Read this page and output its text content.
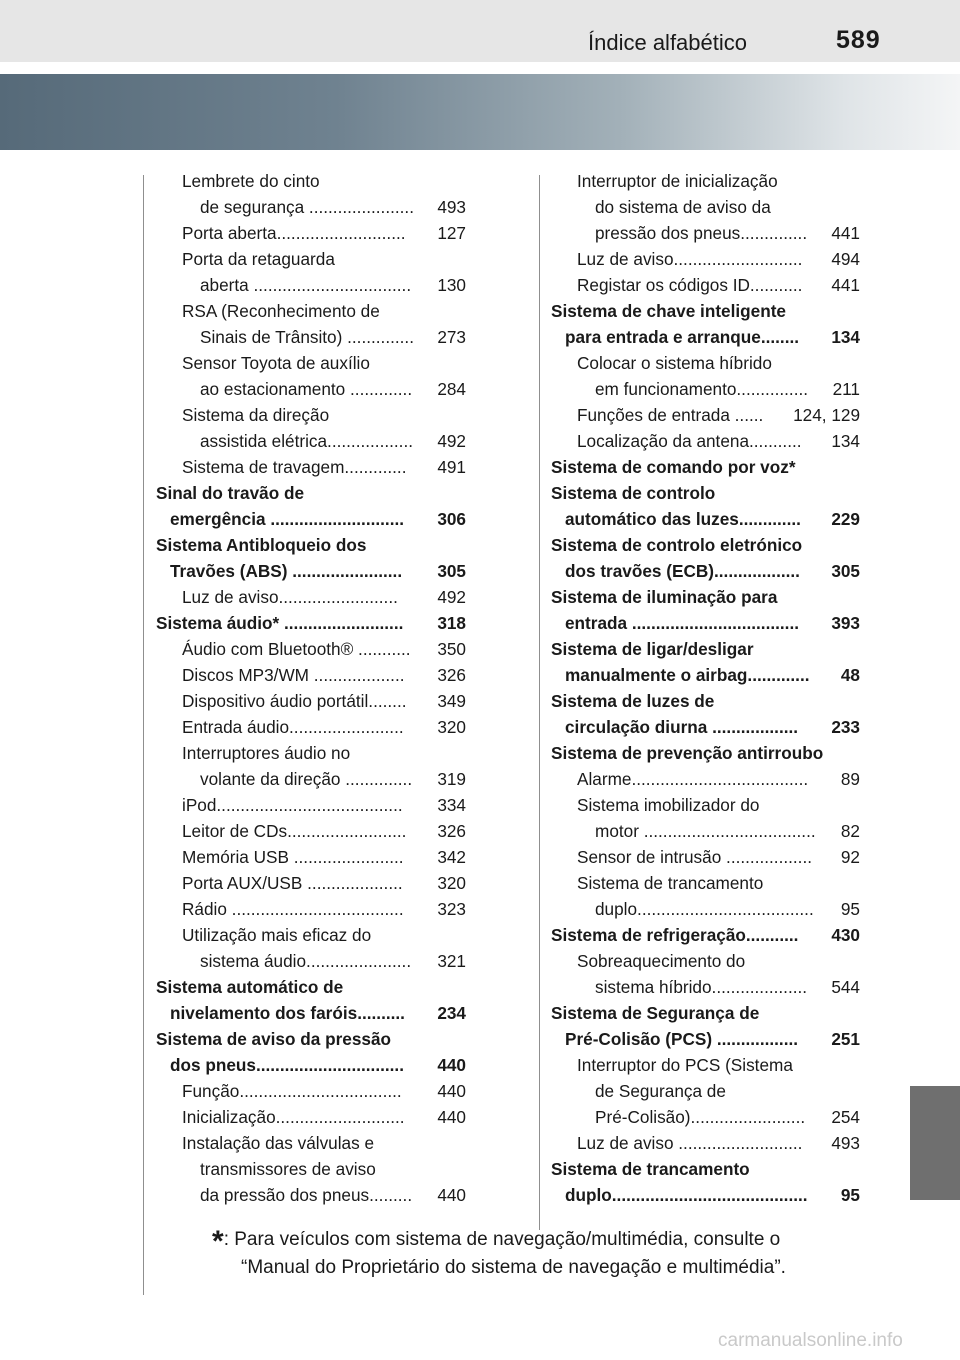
Índice alfabético	589
Lembrete do cinto
de segurança ......................	493
Porta aberta...........................	127
Porta da retaguarda
aberta .................................	130
RSA (Reconhecimento de
Sinais de Trânsito) ..............	273
Sensor Toyota de auxílio
ao estacionamento .............	284
Sistema da direção
assistida elétrica..................	492
Sistema de travagem.............	491
Sinal do travão de
emergência ............................	306
Sistema Antibloqueio dos
Travões (ABS) .......................	305
Luz de aviso.........................	492
Sistema áudio* .........................	318
Áudio com Bluetooth® ...........	350
Discos MP3/WM ...................	326
Dispositivo áudio portátil........	349
Entrada áudio........................	320
Interruptores áudio no
volante da direção ..............	319
iPod.......................................	334
Leitor de CDs.........................	326
Memória USB .......................	342
Porta AUX/USB ....................	320
Rádio ....................................	323
Utilização mais eficaz do
sistema áudio......................	321
Sistema automático de
nivelamento dos faróis..........	234
Sistema de aviso da pressão
dos pneus...............................	440
Função..................................	440
Inicialização...........................	440
Instalação das válvulas e
transmissores de aviso
da pressão dos pneus.........	440
Interruptor de inicialização
do sistema de aviso da
pressão dos pneus..............	441
Luz de aviso...........................	494
Registar os códigos ID...........	441
Sistema de chave inteligente
para entrada e arranque........	134
Colocar o sistema híbrido
em funcionamento...............	211
Funções de entrada ......	124, 129
Localização da antena...........	134
Sistema de comando por voz*
Sistema de controlo
automático das luzes.............	229
Sistema de controlo eletrónico
dos travões (ECB)..................	305
Sistema de iluminação para
entrada ...................................	393
Sistema de ligar/desligar
manualmente o airbag.............	48
Sistema de luzes de
circulação diurna ..................	233
Sistema de prevenção antirroubo
Alarme.....................................	89
Sistema imobilizador do
motor ....................................	82
Sensor de intrusão ..................	92
Sistema de trancamento
duplo.....................................	95
Sistema de refrigeração...........	430
Sobreaquecimento do
sistema híbrido....................	544
Sistema de Segurança de
Pré-Colisão (PCS) .................	251
Interruptor do PCS (Sistema
de Segurança de
Pré-Colisão)........................	254
Luz de aviso ..........................	493
Sistema de trancamento
duplo.........................................	95
*: Para veículos com sistema de navegação/multimédia, consulte o
“Manual do Proprietário do sistema de navegação e multimédia”.
carmanualsonline.info
